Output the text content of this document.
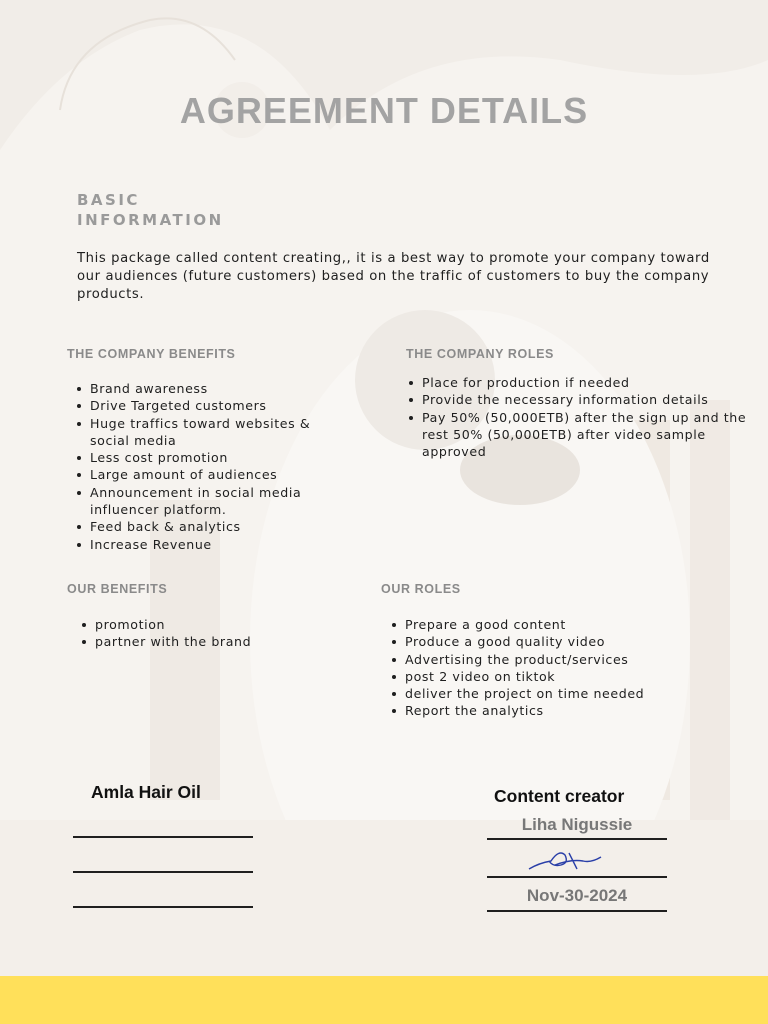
AGREEMENT DETAILS
BASIC
INFORMATION

This package called content creating,, it is a best way to promote your company toward our audiences (future customers) based on the traffic of customers to buy the company products.

THE COMPANY BENEFITS
Brand awareness
Drive Targeted customers
Huge traffics toward websites & social media
Less cost promotion
Large amount of audiences
Announcement in social media influencer platform.
Feed back & analytics
Increase Revenue
THE COMPANY ROLES
Place for production if needed
Provide the necessary information details
Pay 50% (50,000ETB) after the sign up and the rest 50% (50,000ETB) after video sample approved
OUR BENEFITS
promotion
partner with the brand
OUR ROLES
Prepare a good content
Produce a good quality video
Advertising the product/services
post 2 video on tiktok
deliver the project on time needed
Report the analytics
Amla Hair Oil	Content creator
Liha Nigussie
Nov-30-2024
